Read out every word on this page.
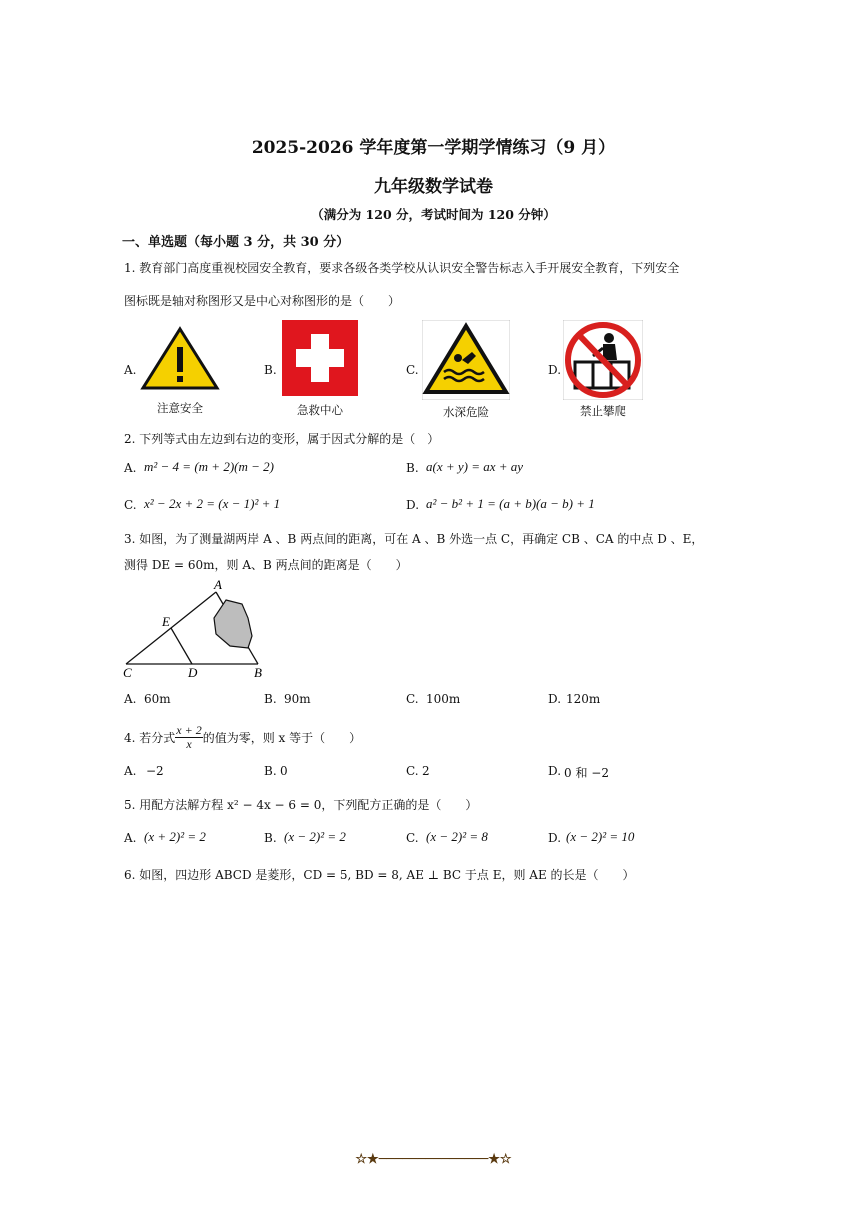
2025-2026 学年度第一学期学情练习（9 月）
九年级数学试卷
（满分为 120 分，考试时间为 120 分钟）
一、单选题（每小题 3 分，共 30 分）
1. 教育部门高度重视校园安全教育，要求各级各类学校从认识安全警告标志入手开展安全教育，下列安全
图标既是轴对称图形又是中心对称图形的是（　　）
A.
注意安全
B.
急救中心
C.
水深危险
D.
禁止攀爬
2. 下列等式由左边到右边的变形，属于因式分解的是（　）
A. m² − 4 = (m + 2)(m − 2)	B. a(x + y) = ax + ay
C. x² − 2x + 2 = (x − 1)² + 1	D. a² − b² + 1 = (a + b)(a − b) + 1
3. 如图，为了测量湖两岸 A 、B 两点间的距离，可在 A 、B 外选一点 C，再确定 CB 、CA 的中点 D 、E，
测得 DE = 60m，则 A、B 两点间的距离是（　　）
A
B
C	D
E
A. 60m	B. 90m	C. 100m	D. 120m
4. 若分式 $\frac{x + 2}{x}$ 的值为零，则 x 等于（　　）
A. −2	B. 0	C. 2	D. 0 和 −2
5. 用配方法解方程 x² − 4x − 6 = 0，下列配方正确的是（　　）
A. (x + 2)² = 2	B. (x − 2)² = 2	C. (x − 2)² = 8	D. (x − 2)² = 10
6. 如图，四边形 ABCD 是菱形，CD = 5, BD = 8, AE ⊥ BC 于点 E，则 AE 的长是（　　）
☆★──────────────★☆
